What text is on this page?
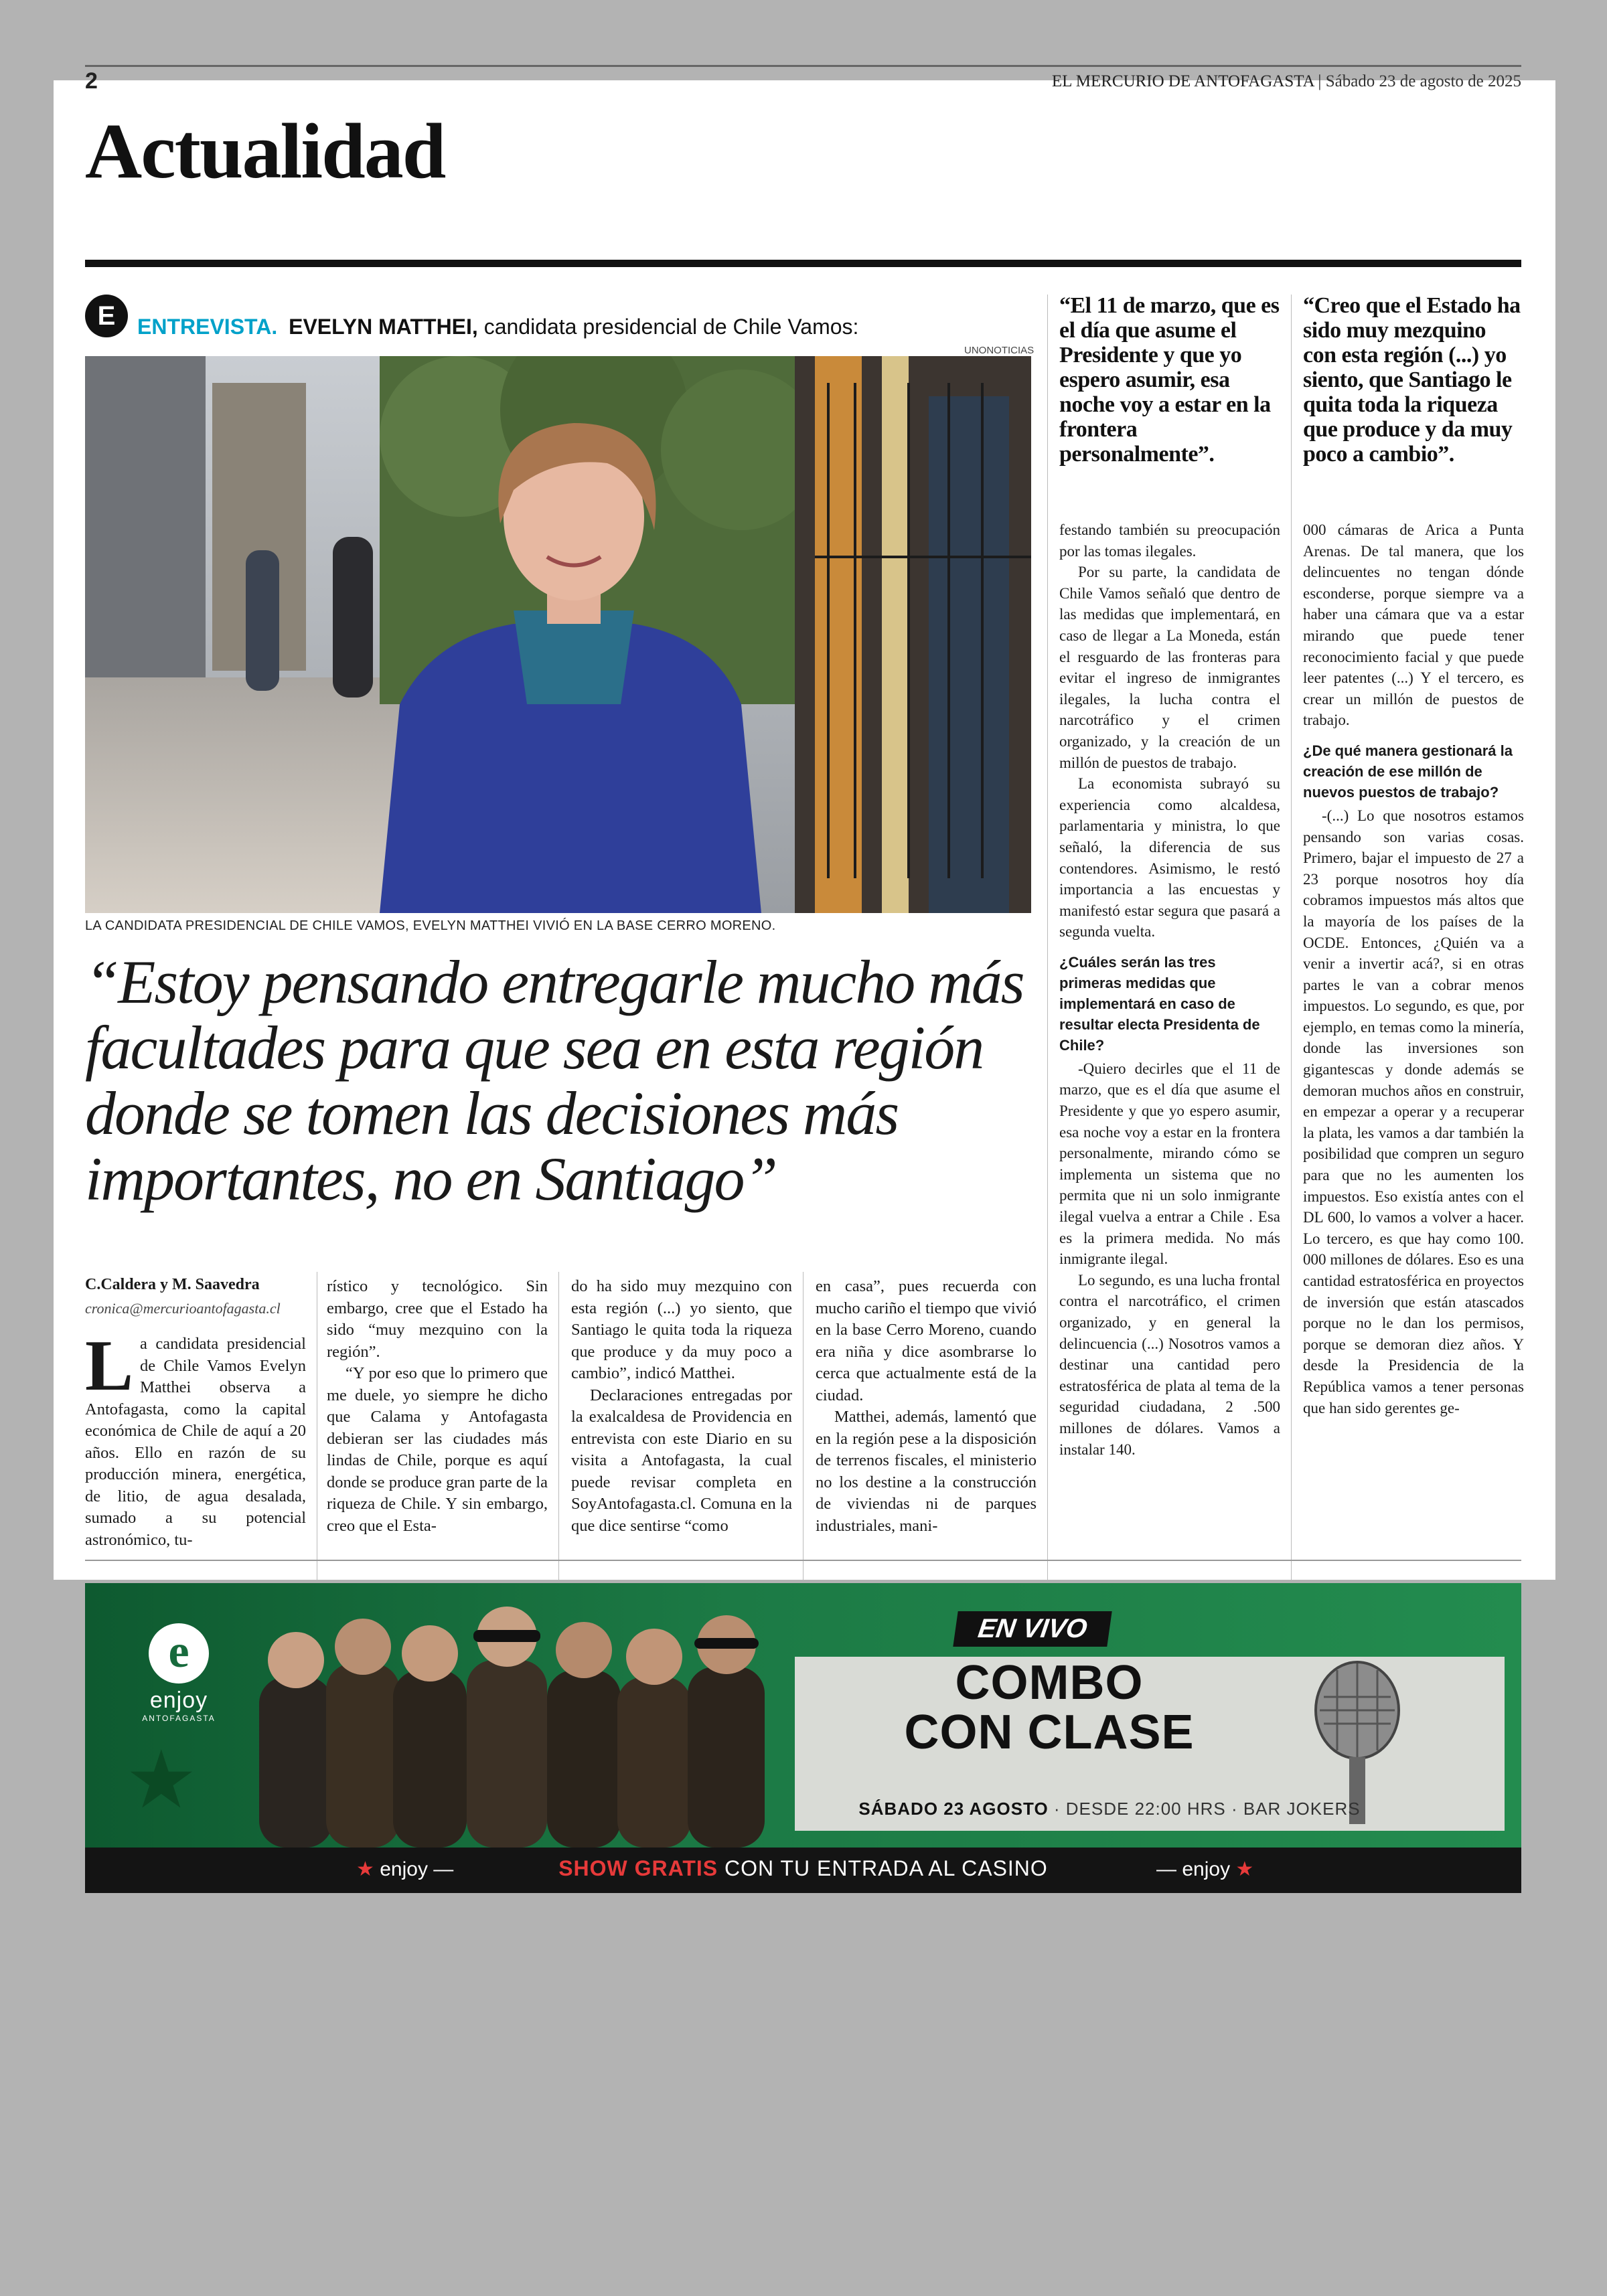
2	EL MERCURIO DE ANTOFAGASTA | Sábado 23 de agosto de 2025
Actualidad
E	ENTREVISTA. EVELYN MATTHEI, candidata presidencial de Chile Vamos:
UNONOTICIAS
LA CANDIDATA PRESIDENCIAL DE CHILE VAMOS, EVELYN MATTHEI VIVIÓ EN LA BASE CERRO MORENO.
“Estoy pensando entregarle mucho más facultades para que sea en esta región donde se tomen las decisiones más importantes, no en Santiago”
C.Caldera y M. Saavedra
cronica@mercurioantofagasta.cl
L a candidata presidencial de Chile Vamos Evelyn Matthei observa a Antofagasta, como la capital económica de Chile de aquí a 20 años. Ello en razón de su producción minera, energética, de litio, de agua desalada, sumado a su potencial astronómico, tu-

rístico y tecnológico. Sin embargo, cree que el Estado ha sido “muy mezquino con la región”.

“Y por eso que lo primero que me duele, yo siempre he dicho que Calama y Antofagasta debieran ser las ciudades más lindas de Chile, porque es aquí donde se produce gran parte de la riqueza de Chile. Y sin embargo, creo que el Esta-

do ha sido muy mezquino con esta región (...) yo siento, que Santiago le quita toda la riqueza que produce y da muy poco a cambio”, indicó Matthei.

Declaraciones entregadas por la exalcaldesa de Providencia en entrevista con este Diario en su visita a Antofagasta, la cual puede revisar completa en SoyAntofagasta.cl. Comuna en la que dice sentirse “como

en casa”, pues recuerda con mucho cariño el tiempo que vivió en la base Cerro Moreno, cuando era niña y dice asombrarse lo cerca que actualmente está de la ciudad.

Matthei, además, lamentó que en la región pese a la disposición de terrenos fiscales, el ministerio no los destine a la construcción de viviendas ni de parques industriales, mani-

“El 11 de marzo, que es el día que asume el Presidente y que yo espero asumir, esa noche voy a estar en la frontera personalmente”.
“Creo que el Estado ha sido muy mezquino con esta región (...) yo siento, que Santiago le quita toda la riqueza que produce y da muy poco a cambio”.

festando también su preocupación por las tomas ilegales.

Por su parte, la candidata de Chile Vamos señaló que dentro de las medidas que implementará, en caso de llegar a La Moneda, están el resguardo de las fronteras para evitar el ingreso de inmigrantes ilegales, la lucha contra el narcotráfico y el crimen organizado, y la creación de un millón de puestos de trabajo.

La economista subrayó su experiencia como alcaldesa, parlamentaria y ministra, lo que señaló, la diferencia de sus contendores. Asimismo, le restó importancia a las encuestas y manifestó estar segura que pasará a segunda vuelta.

¿Cuáles serán las tres primeras medidas que implementará en caso de resultar electa Presidenta de Chile?

-Quiero decirles que el 11 de marzo, que es el día que asume el Presidente y que yo espero asumir, esa noche voy a estar en la frontera personalmente, mirando cómo se implementa un sistema que no permita que ni un solo inmigrante ilegal vuelva a entrar a Chile . Esa es la primera medida. No más inmigrante ilegal.

Lo segundo, es una lucha frontal contra el narcotráfico, el crimen organizado, y en general la delincuencia (...) Nosotros vamos a destinar una cantidad pero estratosférica de plata al tema de la seguridad ciudadana, 2 .500 millones de dólares. Vamos a instalar 140.

000 cámaras de Arica a Punta Arenas. De tal manera, que los delincuentes no tengan dónde esconderse, porque siempre va a haber una cámara que va a estar mirando que puede tener reconocimiento facial y que puede leer patentes (...) Y el tercero, es crear un millón de puestos de trabajo.

¿De qué manera gestionará la creación de ese millón de nuevos puestos de trabajo?

-(...) Lo que nosotros estamos pensando son varias cosas. Primero, bajar el impuesto de 27 a 23 porque nosotros hoy día cobramos impuestos más altos que la mayoría de los países de la OCDE. Entonces, ¿Quién va a venir a invertir acá?, si en otras partes le van a cobrar menos impuestos. Lo segundo, es que, por ejemplo, en temas como la minería, donde las inversiones son gigantescas y donde además se demoran muchos años en construir, en empezar a operar y a recuperar la plata, les vamos a dar también la posibilidad que compren un seguro para que no les aumenten los impuestos. Eso existía antes con el DL 600, lo vamos a volver a hacer. Lo tercero, es que hay como 100. 000 millones de dólares. Eso es una cantidad estratosférica en proyectos de inversión que están atascados porque no le dan los permisos, porque se demoran diez años. Y desde la Presidencia de la República vamos a tener personas que han sido gerentes ge-

★
e
enjoy
ANTOFAGASTA
EN VIVO
COMBO
CON CLASE
SÁBADO 23 AGOSTO · DESDE 22:00 HRS · BAR JOKERS
★ enjoy —	SHOW GRATIS CON TU ENTRADA AL CASINO	— enjoy ★
